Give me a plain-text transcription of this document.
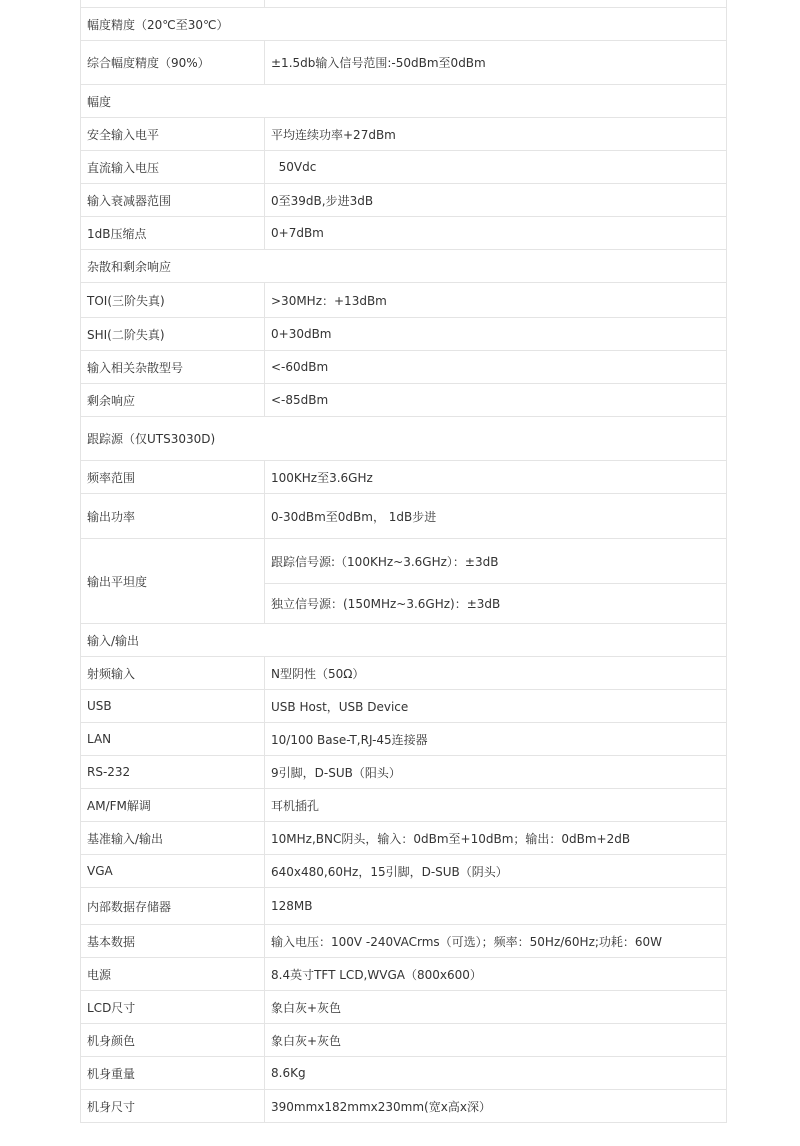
幅度精度（20℃至30℃）	
综合幅度精度（90%）	±1.5db输入信号范围:-50dBm至0dBm
幅度	
安全输入电平	平均连续功率+27dBm
直流输入电压	50Vdc
输入衰减器范围	0至39dB,步进3dB
1dB压缩点	0+7dBm
杂散和剩余响应	
TOI(三阶失真)	>30MHz：+13dBm
SHI(二阶失真)	0+30dBm
输入相关杂散型号	<-60dBm
剩余响应	<-85dBm
跟踪源（仅UTS3030D)	
频率范围	100KHz至3.6GHz
输出功率	0-30dBm至0dBm， 1dB步进
输出平坦度	跟踪信号源:（100KHz~3.6GHz）：±3dB
	独立信号源：(150MHz~3.6GHz)：±3dB
输入/输出	
射频输入	N型阴性（50Ω）
USB	USB Host，USB Device
LAN	10/100 Base-T,RJ-45连接器
RS-232	9引脚，D-SUB（阳头）
AM/FM解调	耳机插孔
基准输入/输出	10MHz,BNC阴头，输入：0dBm至+10dBm；输出：0dBm+2dB
VGA	640x480,60Hz，15引脚，D-SUB（阴头）
内部数据存储器	128MB
基本数据	输入电压：100V -240VACrms（可选）；频率：50Hz/60Hz;功耗：60W
电源	8.4英寸TFT LCD,WVGA（800x600）
LCD尺寸	象白灰+灰色
机身颜色	象白灰+灰色
机身重量	8.6Kg
机身尺寸	390mmx182mmx230mm(宽x高x深）
